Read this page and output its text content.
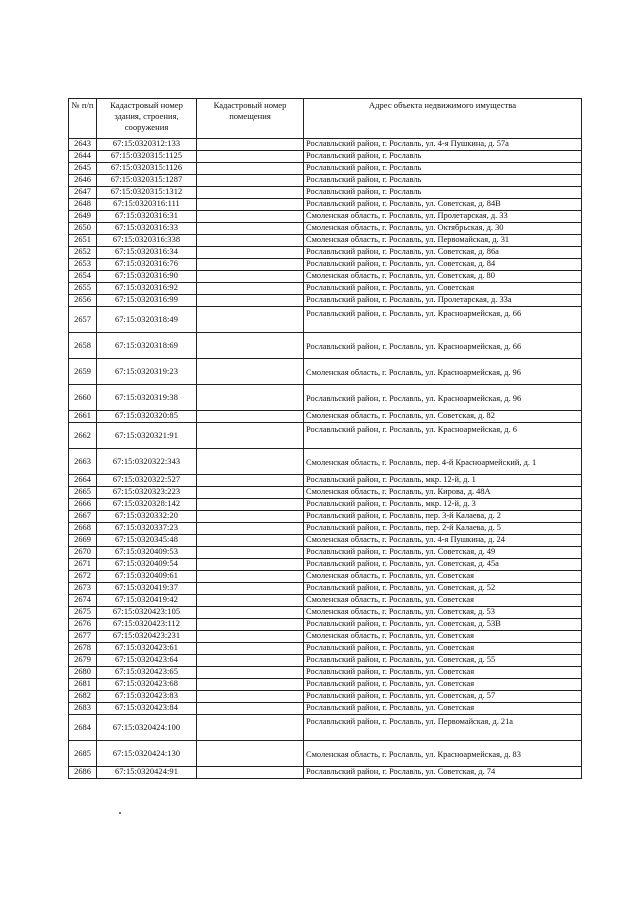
№ п/п	Кадастровый номер здания, строения, сооружения	Кадастровый номер помещения	Адрес объекта недвижимого имущества
2643	67:15:0320312:133		Рославльский район, г. Рославль, ул. 4-я Пушкина, д. 57а
2644	67:15:0320315:1125		Рославльский район, г. Рославль
2645	67:15:0320315:1126		Рославльский район, г. Рославль
2646	67:15:0320315:1287		Рославльский район, г. Рославль
2647	67:15:0320315:1312		Рославльский район, г. Рославль
2648	67:15:0320316:111		Рославльский район, г. Рославль, ул. Советская, д. 84В
2649	67:15:0320316:31		Смоленская область, г. Рославль, ул. Пролетарская, д. 33
2650	67:15:0320316:33		Смоленская область, г. Рославль, ул. Октябрьская, д. 30
2651	67:15:0320316:338		Смоленская область, г. Рославль, ул. Первомайская, д. 31
2652	67:15:0320316:34		Рославльский район, г. Рославль, ул. Советская, д. 86а
2653	67:15:0320316:76		Рославльский район, г. Рославль, ул. Советская, д. 84
2654	67:15:0320316:90		Смоленская область, г. Рославль, ул. Советская, д. 80
2655	67:15:0320316:92		Рославльский район, г. Рославль, ул. Советская
2656	67:15:0320316:99		Рославльский район, г. Рославль, ул. Пролетарская, д. 33а
2657	67:15:0320318:49		Рославльский район, г. Рославль, ул. Красноармейская, д. 66
2658	67:15:0320318:69		Рославльский район, г. Рославль, ул. Красноармейская, д. 66
2659	67:15:0320319:23		Смоленская область, г. Рославль, ул. Красноармейская, д. 96
2660	67:15:0320319:38		Рославльский район, г. Рославль, ул. Красноармейская, д. 96
2661	67:15:0320320:85		Смоленская область, г. Рославль, ул. Советская, д. 82
2662	67:15:0320321:91		Рославльский район, г. Рославль, ул. Красноармейская, д. 6
2663	67:15:0320322:343		Смоленская область, г. Рославль, пер. 4-й Красноармейский, д. 1
2664	67:15:0320322:527		Рославльский район, г. Рославль, мкр. 12-й, д. 1
2665	67:15:0320323:223		Смоленская область, г. Рославль, ул. Кирова, д. 48А
2666	67:15:0320328:142		Рославльский район, г. Рославль, мкр. 12-й, д. 3
2667	67:15:0320332:20		Рославльский район, г. Рославль, пер. 3-й Калаева, д. 2
2668	67:15:0320337:23		Рославльский район, г. Рославль, пер. 2-й Калаева, д. 5
2669	67:15:0320345:48		Смоленская область, г. Рославль, ул. 4-я Пушкина, д. 24
2670	67:15:0320409:53		Рославльский район, г. Рославль, ул. Советская, д. 49
2671	67:15:0320409:54		Рославльский район, г. Рославль, ул. Советская, д. 45а
2672	67:15:0320409:61		Смоленская область, г. Рославль, ул. Советская
2673	67:15:0320419:37		Рославльский район, г. Рославль, ул. Советская, д. 52
2674	67:15:0320419:42		Смоленская область, г. Рославль, ул. Советская
2675	67:15:0320423:105		Смоленская область, г. Рославль, ул. Советская, д. 53
2676	67:15:0320423:112		Рославльский район, г. Рославль, ул. Советская, д. 53В
2677	67:15:0320423:231		Смоленская область, г. Рославль, ул. Советская
2678	67:15:0320423:61		Рославльский район, г. Рославль, ул. Советская
2679	67:15:0320423:64		Рославльский район, г. Рославль, ул. Советская, д. 55
2680	67:15:0320423:65		Рославльский район, г. Рославль, ул. Советская
2681	67:15:0320423:68		Рославльский район, г. Рославль, ул. Советская
2682	67:15:0320423:83		Рославльский район, г. Рославль, ул. Советская, д. 57
2683	67:15:0320423:84		Рославльский район, г. Рославль, ул. Советская
2684	67:15:0320424:100		Рославльский район, г. Рославль, ул. Первомайская, д. 21а
2685	67:15:0320424:130		Смоленская область, г. Рославль, ул. Красноармейская, д. 83
2686	67:15:0320424:91		Рославльский район, г. Рославль, ул. Советская, д. 74
